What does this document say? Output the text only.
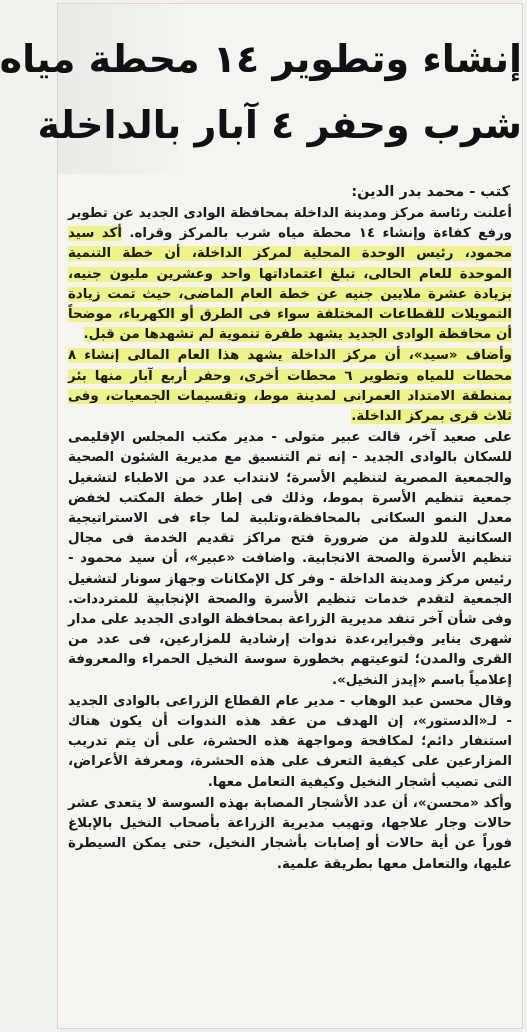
إنشاء وتطوير ١٤ محطة مياه
شرب وحفر ٤ آبار بالداخلة
كتب - محمد بدر الدين:

أعلنت رئاسة مركز ومدينة الداخلة بمحافظة الوادى الجديد عن تطوير ورفع كفاءة وإنشاء ١٤ محطة مياه شرب بالمركز وقراه. أكد سيد محمود، رئيس الوحدة المحلية لمركز الداخلة، أن خطة التنمية الموحدة للعام الحالى، تبلغ اعتماداتها واحد وعشرين مليون جنيه، بزيادة عشرة ملايين جنيه عن خطة العام الماضى، حيث تمت زيادة التمويلات للقطاعات المختلفة سواء فى الطرق أو الكهرباء، موضحاً أن محافظة الوادى الجديد يشهد طفرة تنموية لم تشهدها من قبل.

وأضاف «سيد»، أن مركز الداخلة يشهد هذا العام المالى إنشاء ٨ محطات للمياه وتطوير ٦ محطات أخرى، وحفر أربع آبار منها بئر بمنطقة الامتداد العمرانى لمدينة موط، وتقسيمات الجمعيات، وفى ثلاث قرى بمركز الداخلة.

على صعيد آخر، قالت عبير متولى - مدير مكتب المجلس الإقليمى للسكان بالوادى الجديد - إنه تم التنسيق مع مديرية الشئون الصحية والجمعية المصرية لتنظيم الأسرة؛ لانتداب عدد من الاطباء لتشغيل جمعية تنظيم الأسرة بموط، وذلك فى إطار خطة المكتب لخفض معدل النمو السكانى بالمحافظة،وتلبية لما جاء فى الاستراتيجية السكانية للدولة من ضرورة فتح مراكز تقديم الخدمة فى مجال تنظيم الأسرة والصحة الانجابية. واضافت «عبير»، أن سيد محمود - رئيس مركز ومدينة الداخلة - وفر كل الإمكانات وجهاز سونار لتشغيل الجمعية لتقدم خدمات تنظيم الأسرة والصحة الإنجابية للمترددات. وفى شأن آخر تنفد مديرية الزراعة بمحافظة الوادى الجديد على مدار شهرى يناير وفبراير،عدة ندوات إرشادية للمزارعين، فى عدد من القرى والمدن؛ لتوعيتهم بخطورة سوسة النخيل الحمراء والمعروفة إعلامياً باسم «إيدز النخيل».

وقال محسن عبد الوهاب - مدير عام القطاع الزراعى بالوادى الجديد - لـ«الدستور»، إن الهدف من عقد هذه الندوات أن يكون هناك استنفار دائم؛ لمكافحة ومواجهة هذه الحشرة، على أن يتم تدريب المزارعين على كيفية التعرف على هذه الحشرة، ومعرفة الأعراض، التى تصيب أشجار النخيل وكيفية التعامل معها.

وأكد «محسن»، أن عدد الأشجار المصابة بهذه السوسة لا يتعدى عشر حالات وجار علاجها، وتهيب مديرية الزراعة بأصحاب النخيل بالإبلاغ فوراً عن أية حالات أو إصابات بأشجار النخيل، حتى يمكن السيطرة عليها، والتعامل معها بطريقة علمية.
